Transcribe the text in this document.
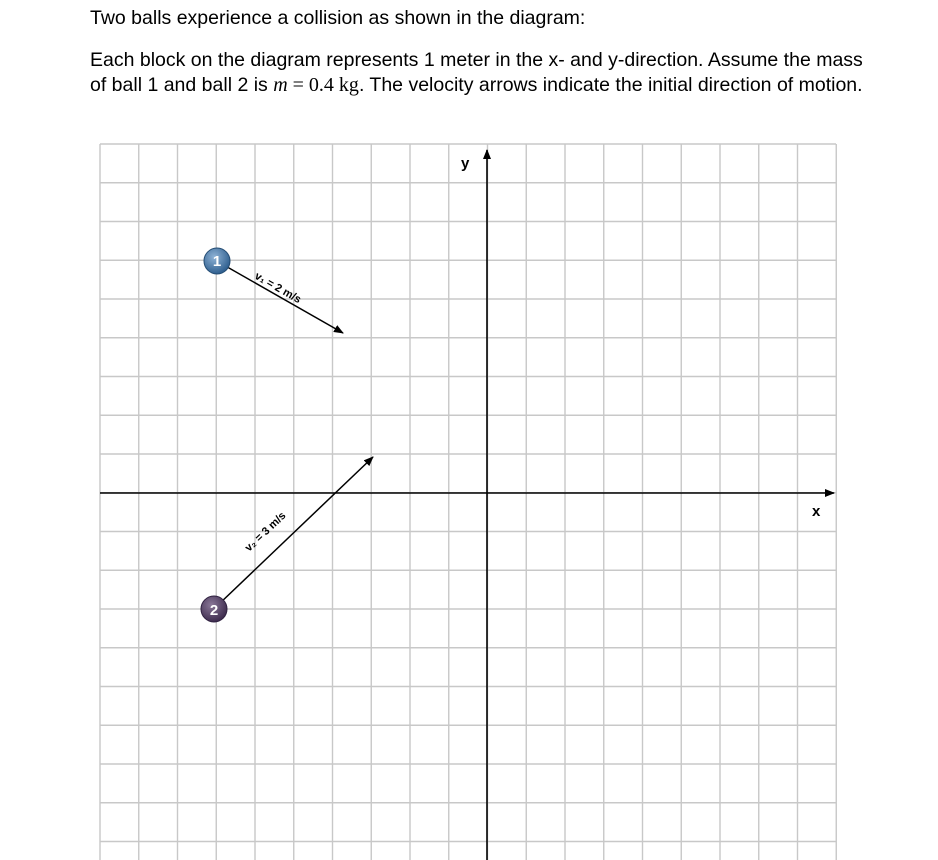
Two balls experience a collision as shown in the diagram:

Each block on the diagram represents 1 meter in the x- and y-direction. Assume the mass of ball 1 and ball 2 is m = 0.4 kg. The velocity arrows indicate the initial direction of motion.

x
y
v₁ = 2 m/s
v₂ = 3 m/s
1
2
